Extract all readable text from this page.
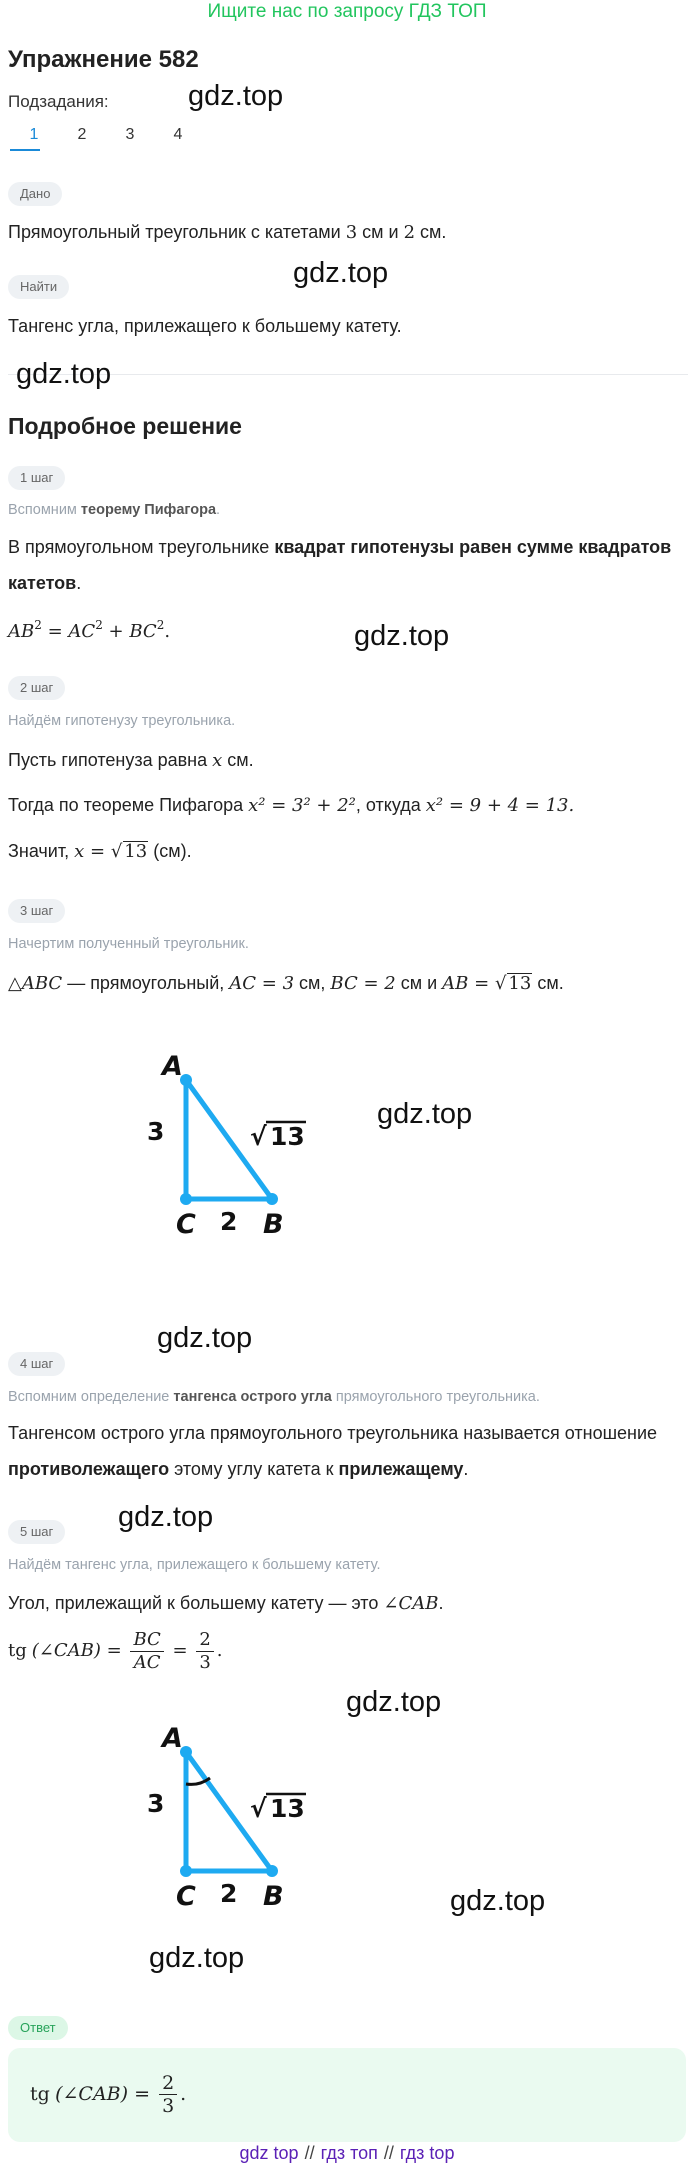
Ищите нас по запросу ГДЗ ТОП
Упражнение 582
Подзадания:
1	2	3	4
Дано
Прямоугольный треугольник с катетами 3 см и 2 см.
Найти
Тангенс угла, прилежащего к большему катету.
Подробное решение
1 шаг
Вспомним теорему Пифагора.
В прямоугольном треугольнике квадрат гипотенузы равен сумме квадратов
катетов.
$AB^2 = AC^2 + BC^2$.
2 шаг
Найдём гипотенузу треугольника.
Пусть гипотенуза равна x см.
Тогда по теореме Пифагора x² = 3² + 2², откуда x² = 9 + 4 = 13.
Значит, x = √ 13 (см).
3 шаг
Начертим полученный треугольник.
△ABC — прямоугольный, AC = 3 см, BC = 2 см и AB = √ 13 см.
A
C B
3
2
√ 13
4 шаг
Вспомним определение тангенса острого угла прямоугольного треугольника.
Тангенсом острого угла прямоугольного треугольника называется отношение
противолежащего этому углу катета к прилежащему.
5 шаг
Найдём тангенс угла, прилежащего к большему катету.
Угол, прилежащий к большему катету — это ∠CAB.
tg (∠CAB) = $\frac{BC}{AC} = \frac{2}{3}$ .
A
C B
3
2
√ 13
Ответ
tg (∠CAB) = $\frac{2}{3}$ .
gdz.top
gdz.top
gdz.top
gdz.top
gdz.top
gdz.top
gdz.top
gdz.top
gdz.top
gdz.top
gdz top // гдз топ // гдз top
